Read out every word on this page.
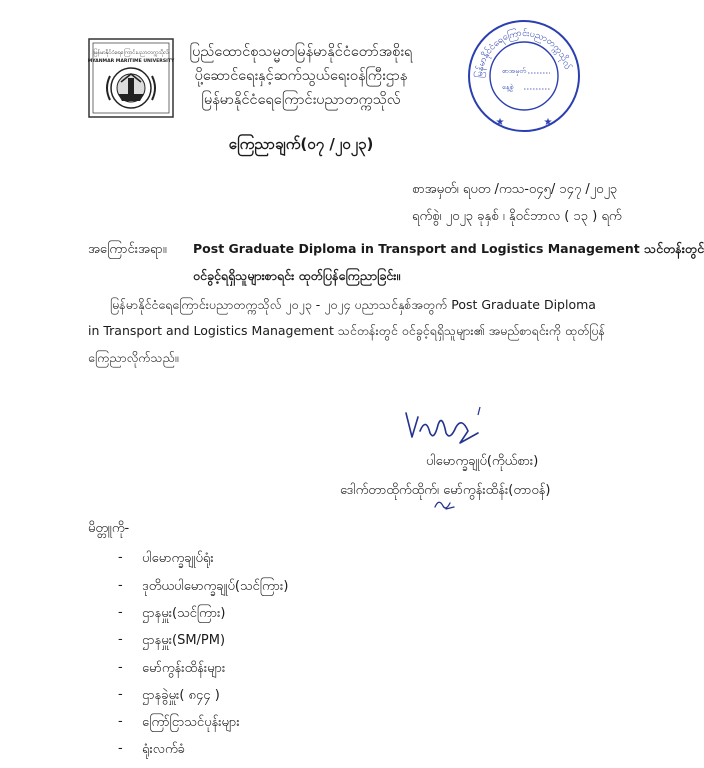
မြန်မာနိုင်ငံရေကြောင်းပညာတက္ကသိုလ်
MYANMAR MARITIME UNIVERSITY
ပြည်ထောင်စုသမ္မတမြန်မာနိုင်ငံတော်အစိုးရ
ပို့ဆောင်ရေးနှင့်ဆက်သွယ်ရေးဝန်ကြီးဌာန
မြန်မာနိုင်ငံရေကြောင်းပညာတက္ကသိုလ်
မြန်မာနိုင်ငံရေကြောင်းပညာတက္ကသိုလ်
စာအမှတ်
နေ့စွဲ
★	★
ကြေညာချက်(၀၇ /၂၀၂၃)
စာအမှတ်၊ ရပတ /ကသ-၀၄၅/ ၁၄၇ /၂၀၂၃
ရက်စွဲ၊ ၂၀၂၃ ခုနှစ် ၊ နိုဝင်ဘာလ ( ၁၃ ) ရက်
အကြောင်းအရာ။ Post Graduate Diploma in Transport and Logistics Management သင်တန်းတွင်
ဝင်ခွင့်ရရှိသူများစာရင်း ထုတ်ပြန်ကြေညာခြင်း။
မြန်မာနိုင်ငံရေကြောင်းပညာတက္ကသိုလ် ၂၀၂၃ - ၂၀၂၄ ပညာသင်နှစ်အတွက် Post Graduate Diploma
in Transport and Logistics Management သင်တန်းတွင် ဝင်ခွင့်ရရှိသူများ၏ အမည်စာရင်းကို ထုတ်ပြန်
ကြေညာလိုက်သည်။
ပါမောက္ခချုပ်(ကိုယ်စား)
ဒေါက်တာထိုက်ထိုက်၊ မော်ကွန်းထိန်း(တာဝန်)
မိတ္တူကို-
- ပါမောက္ခချုပ်ရုံး
- ဒုတိယပါမောက္ခချုပ်(သင်ကြား)
- ဌာနမှူး(သင်ကြား)
- ဌာနမှူး(SM/PM)
- မော်ကွန်းထိန်းများ
- ဌာနခွဲမှူး( ၈၄၄ )
- ကြော်ငြာသင်ပုန်းများ
- ရုံးလက်ခံ
